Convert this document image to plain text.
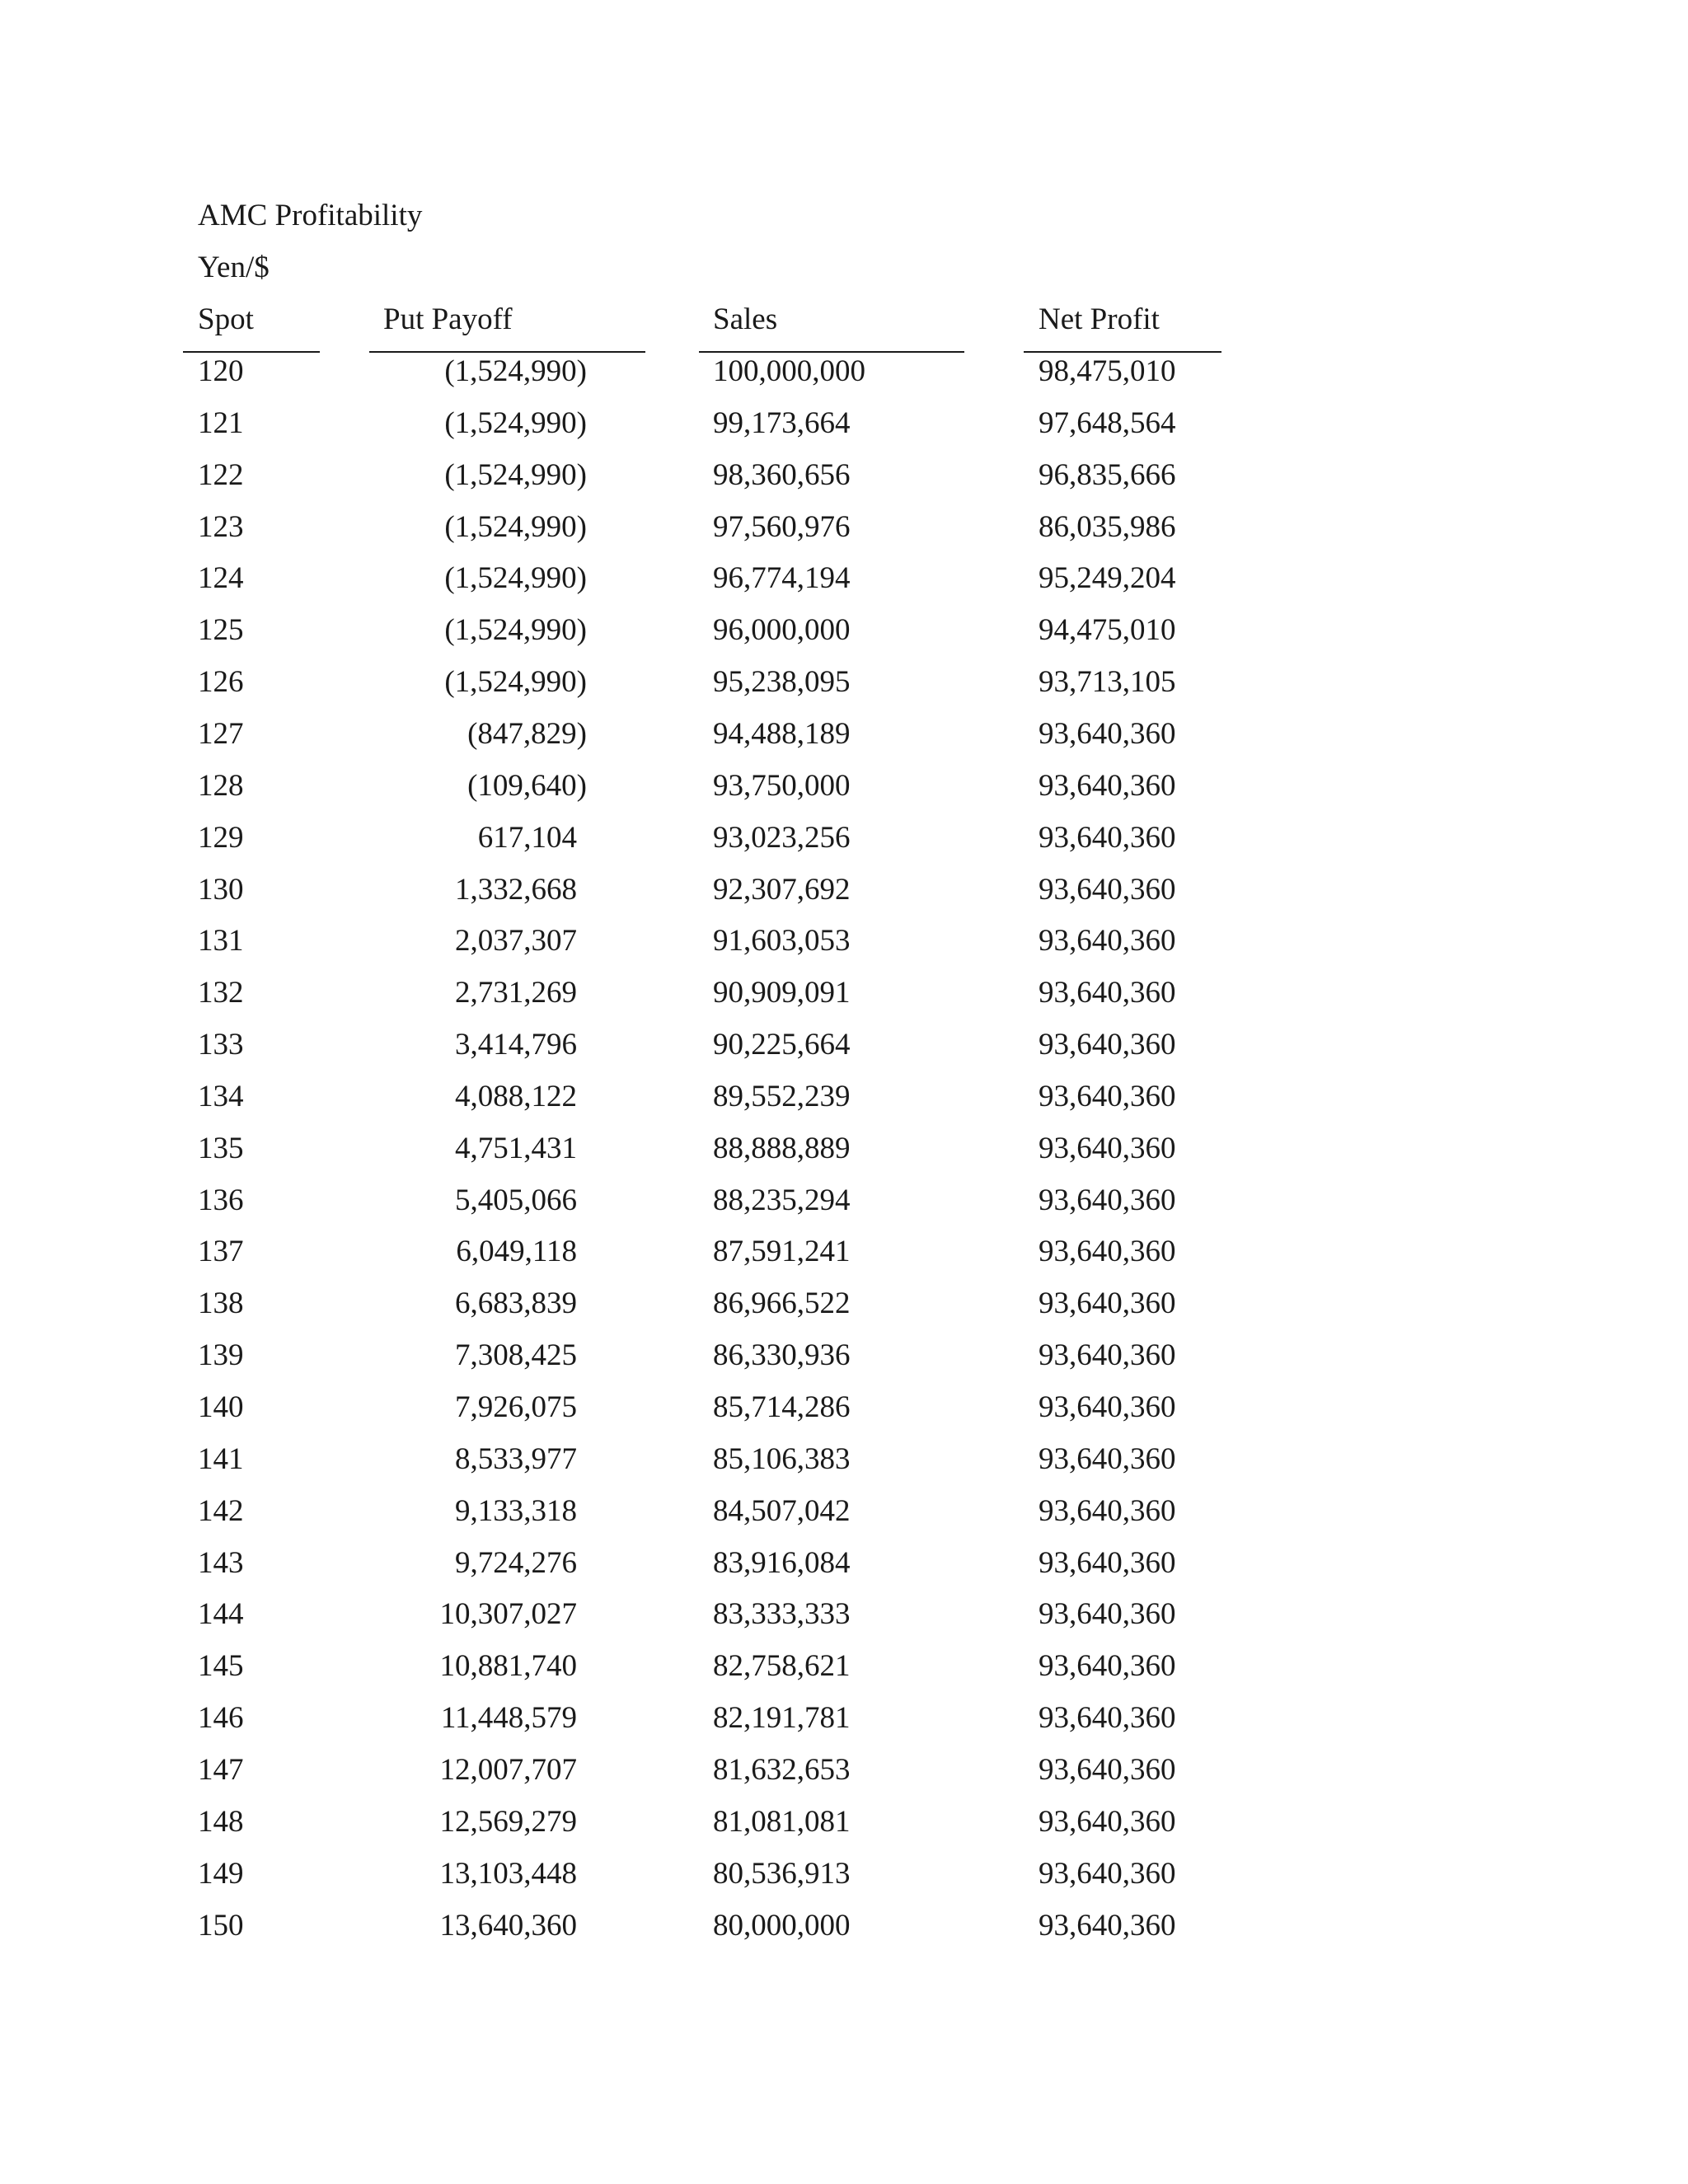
AMC Profitability
Yen/$
Spot	Put Payoff	Sales	Net Profit
120	(1,524,990)	100,000,000	98,475,010
121	(1,524,990)	99,173,664	97,648,564
122	(1,524,990)	98,360,656	96,835,666
123	(1,524,990)	97,560,976	86,035,986
124	(1,524,990)	96,774,194	95,249,204
125	(1,524,990)	96,000,000	94,475,010
126	(1,524,990)	95,238,095	93,713,105
127	(847,829)	94,488,189	93,640,360
128	(109,640)	93,750,000	93,640,360
129	617,104	93,023,256	93,640,360
130	1,332,668	92,307,692	93,640,360
131	2,037,307	91,603,053	93,640,360
132	2,731,269	90,909,091	93,640,360
133	3,414,796	90,225,664	93,640,360
134	4,088,122	89,552,239	93,640,360
135	4,751,431	88,888,889	93,640,360
136	5,405,066	88,235,294	93,640,360
137	6,049,118	87,591,241	93,640,360
138	6,683,839	86,966,522	93,640,360
139	7,308,425	86,330,936	93,640,360
140	7,926,075	85,714,286	93,640,360
141	8,533,977	85,106,383	93,640,360
142	9,133,318	84,507,042	93,640,360
143	9,724,276	83,916,084	93,640,360
144	10,307,027	83,333,333	93,640,360
145	10,881,740	82,758,621	93,640,360
146	11,448,579	82,191,781	93,640,360
147	12,007,707	81,632,653	93,640,360
148	12,569,279	81,081,081	93,640,360
149	13,103,448	80,536,913	93,640,360
150	13,640,360	80,000,000	93,640,360
